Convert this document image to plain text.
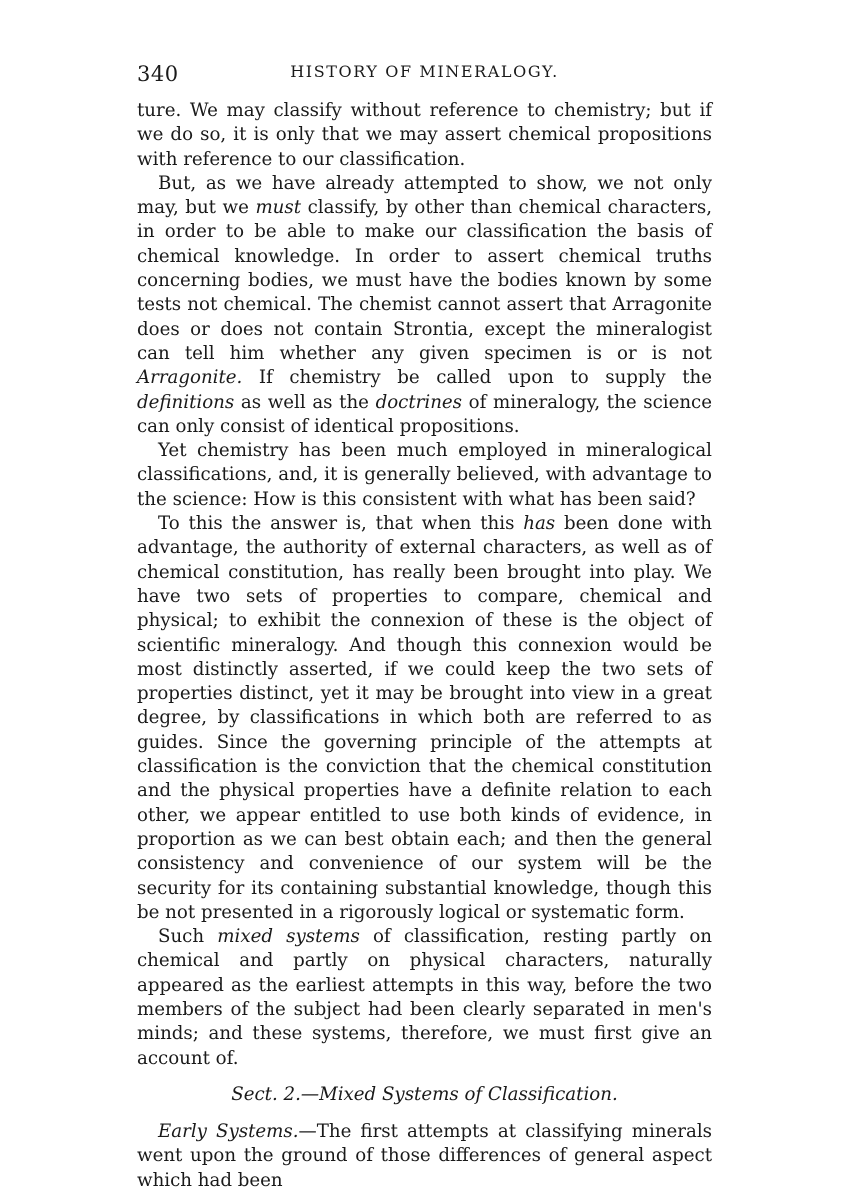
340	HISTORY OF MINERALOGY.

ture. We may classify without reference to chemistry; but if we do so, it is only that we may assert chemical propositions with reference to our classification.

But, as we have already attempted to show, we not only may, but we must classify, by other than chemical characters, in order to be able to make our classification the basis of chemical knowledge. In order to assert chemical truths concerning bodies, we must have the bodies known by some tests not chemical. The chemist cannot assert that Arragonite does or does not contain Strontia, except the mineralogist can tell him whether any given specimen is or is not Arragonite. If chemistry be called upon to supply the definitions as well as the doctrines of mineralogy, the science can only consist of identical propositions.

Yet chemistry has been much employed in mineralogical classifications, and, it is generally believed, with advantage to the science: How is this consistent with what has been said?

To this the answer is, that when this has been done with advantage, the authority of external characters, as well as of chemical constitution, has really been brought into play. We have two sets of properties to compare, chemical and physical; to exhibit the connexion of these is the object of scientific mineralogy. And though this connexion would be most distinctly asserted, if we could keep the two sets of properties distinct, yet it may be brought into view in a great degree, by classifications in which both are referred to as guides. Since the governing principle of the attempts at classification is the conviction that the chemical constitution and the physical properties have a definite relation to each other, we appear entitled to use both kinds of evidence, in proportion as we can best obtain each; and then the general consistency and convenience of our system will be the security for its containing substantial knowledge, though this be not presented in a rigorously logical or systematic form.

Such mixed systems of classification, resting partly on chemical and partly on physical characters, naturally appeared as the earliest attempts in this way, before the two members of the subject had been clearly separated in men's minds; and these systems, therefore, we must first give an account of.

Sect. 2.—Mixed Systems of Classification.

Early Systems.—The first attempts at classifying minerals went upon the ground of those differences of general aspect which had been
